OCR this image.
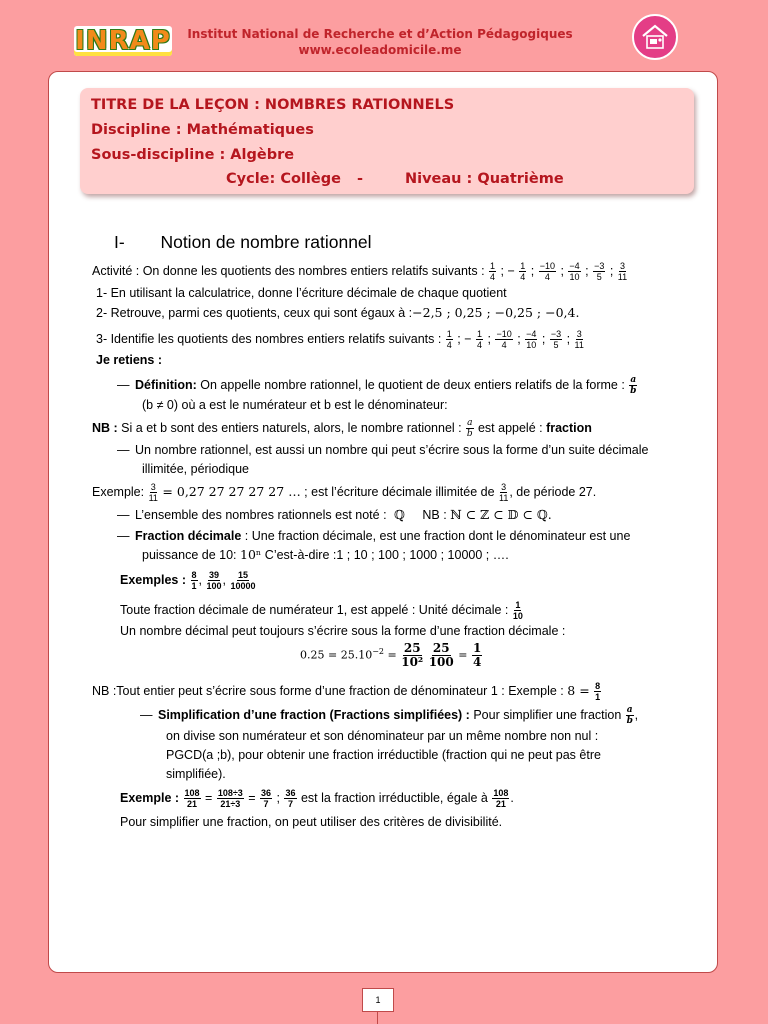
INRAP	Institut National de Recherche et d’Action Pédagogiques
www.ecoleadomicile.me
TITRE DE LA LEÇON : NOMBRES RATIONNELS
Discipline : Mathématiques
Sous-discipline : Algèbre
Cycle: Collège -	Niveau : Quatrième
I- Notion de nombre rationnel
Activité : On donne les quotients des nombres entiers relatifs suivants : $\frac{1}{4}$ ; − $\frac{1}{4}$ ; $\frac{-10}{4}$ ; $\frac{-4}{10}$ ; $\frac{-3}{5}$ ; $\frac{3}{11}$
1- En utilisant la calculatrice, donne l’écriture décimale de chaque quotient
2- Retrouve, parmi ces quotients, ceux qui sont égaux à :−2,5 ; 0,25 ; −0,25 ; −0,4.
3- Identifie les quotients des nombres entiers relatifs suivants : $\frac{1}{4}$ ; − $\frac{1}{4}$ ; $\frac{-10}{4}$ ; $\frac{-4}{10}$ ; $\frac{-3}{5}$ ; $\frac{3}{11}$
Je retiens :
— Définition: On appelle nombre rationnel, le quotient de deux entiers relatifs de la forme : $\frac{a}{b}$
(b ≠ 0) où a est le numérateur et b est le dénominateur:
NB : Si a et b sont des entiers naturels, alors, le nombre rationnel : $\frac{a}{b}$ est appelé : fraction
— Un nombre rationnel, est aussi un nombre qui peut s’écrire sous la forme d’un suite décimale
illimitée, périodique
Exemple: $\frac{3}{11} = 0,27$ 27 27 27 27 … ; est l’écriture décimale illimitée de $\frac{3}{11}$ , de période 27.
— L’ensemble des nombres rationnels est noté : ℚ NB : ℕ ⊂ ℤ ⊂ 𝔻 ⊂ ℚ.
— Fraction décimale : Une fraction décimale, est une fraction dont le dénominateur est une
puissance de 10: 10ⁿ C’est-à-dire :1 ; 10 ; 100 ; 1000 ; 10000 ; ….
Exemples : $\frac{8}{1}$ , $\frac{39}{100}$ , $\frac{15}{10000}$
Toute fraction décimale de numérateur 1, est appelé : Unité décimale : $\frac{1}{10}$
Un nombre décimal peut toujours s’écrire sous la forme d’une fraction décimale :
$0.25 = 25.10^{-2} = \frac{25}{\text{10²}}$
$\frac{25}{100} = \frac{1}{4}$
NB :Tout entier peut s’écrire sous forme d’une fraction de dénominateur 1 : Exemple : $8 = \frac{8}{1}$
— Simplification d’une fraction (Fractions simplifiées) : Pour simplifier une fraction $\frac{a}{b}$ ,
on divise son numérateur et son dénominateur par un même nombre non nul :
PGCD(a ;b), pour obtenir une fraction irréductible (fraction qui ne peut pas être
simplifiée).
Exemple : $\frac{108}{21} = \frac{108\div 3}{21\div 3} = \frac{36}{7}$ ; $\frac{36}{7}$ est la fraction irréductible, égale à $\frac{108}{21}$ .
Pour simplifier une fraction, on peut utiliser des critères de divisibilité.
1
